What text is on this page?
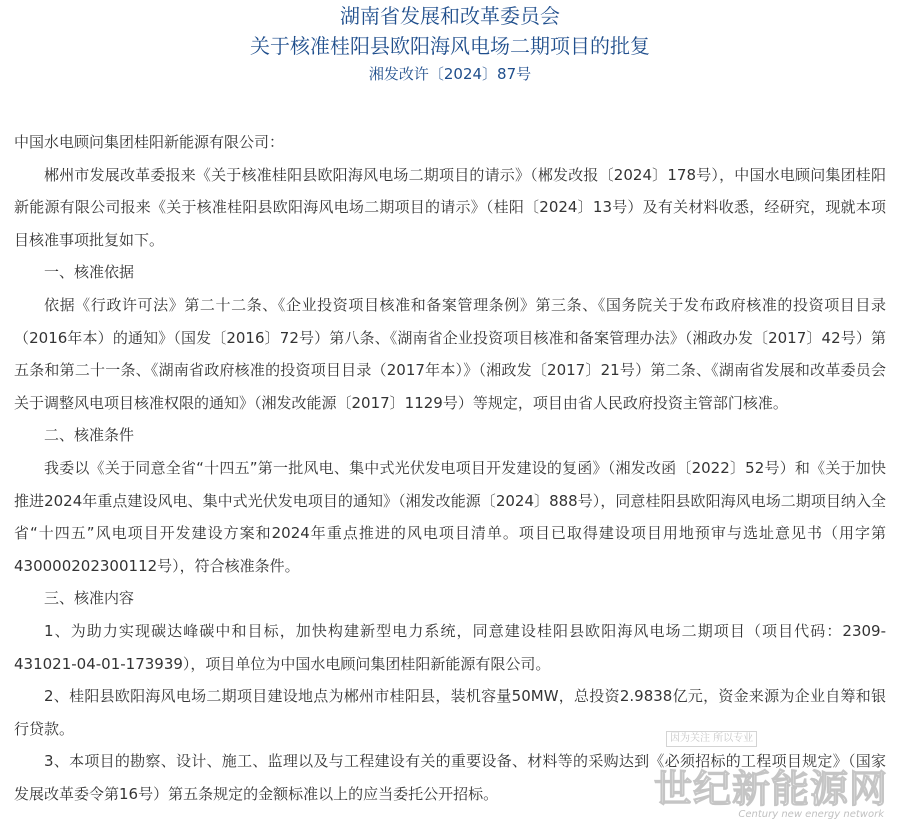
湖南省发展和改革委员会
关于核准桂阳县欧阳海风电场二期项目的批复
湘发改许〔2024〕87号

中国水电顾问集团桂阳新能源有限公司：

郴州市发展改革委报来《关于核准桂阳县欧阳海风电场二期项目的请示》（郴发改报〔2024〕178号），中国水电顾问集团桂阳新能源有限公司报来《关于核准桂阳县欧阳海风电场二期项目的请示》（桂阳〔2024〕13号）及有关材料收悉，经研究，现就本项目核准事项批复如下。

一、核准依据

依据《行政许可法》第二十二条、《企业投资项目核准和备案管理条例》第三条、《国务院关于发布政府核准的投资项目目录（2016年本）的通知》（国发〔2016〕72号）第八条、《湖南省企业投资项目核准和备案管理办法》（湘政办发〔2017〕42号）第五条和第二十一条、《湖南省政府核准的投资项目目录（2017年本）》（湘政发〔2017〕21号）第二条、《湖南省发展和改革委员会关于调整风电项目核准权限的通知》（湘发改能源〔2017〕1129号）等规定，项目由省人民政府投资主管部门核准。

二、核准条件

我委以《关于同意全省“十四五”第一批风电、集中式光伏发电项目开发建设的复函》（湘发改函〔2022〕52号）和《关于加快推进2024年重点建设风电、集中式光伏发电项目的通知》（湘发改能源〔2024〕888号），同意桂阳县欧阳海风电场二期项目纳入全省“十四五”风电项目开发建设方案和2024年重点推进的风电项目清单。项目已取得建设项目用地预审与选址意见书（用字第430000202300112号），符合核准条件。

三、核准内容

1、为助力实现碳达峰碳中和目标，加快构建新型电力系统，同意建设桂阳县欧阳海风电场二期项目（项目代码：2309-431021-04-01-173939），项目单位为中国水电顾问集团桂阳新能源有限公司。

2、桂阳县欧阳海风电场二期项目建设地点为郴州市桂阳县，装机容量50MW，总投资2.9838亿元，资金来源为企业自筹和银行贷款。

3、本项目的勘察、设计、施工、监理以及与工程建设有关的重要设备、材料等的采购达到《必须招标的工程项目规定》（国家发展改革委令第16号）第五条规定的金额标准以上的应当委托公开招标。

因为关注 所以专业
世纪新能源网
Century new energy network
